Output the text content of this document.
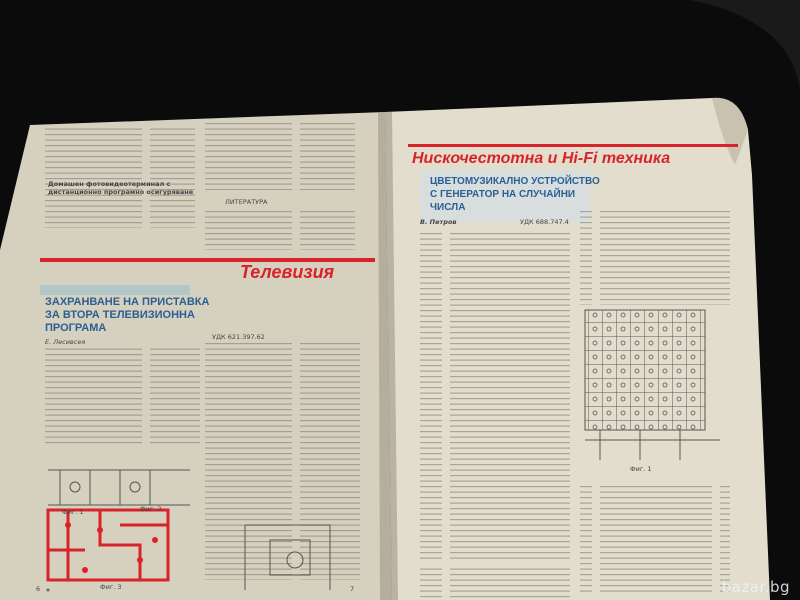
Телевизия
ЗАХРАНВАНЕ НА ПРИСТАВКА
ЗА ВТОРА ТЕЛЕВИЗИОННА
ПРОГРАМА
Е. Лесивсея
УДК 621.397.62
Домашен фотовидеотерминал с дистанционно програмно осигуряване
ЛИТЕРАТУРА
Фиг. 1	Фиг. 2
Фиг. 3
6	7
Нискочестотна и Hi-Fi техника
ЦВЕТОМУЗИКАЛНО УСТРОЙСТВО
С ГЕНЕРАТОР НА СЛУЧАЙНИ
ЧИСЛА
В. Петров	УДК 688.747.4
Фиг. 1
bazar.bg
